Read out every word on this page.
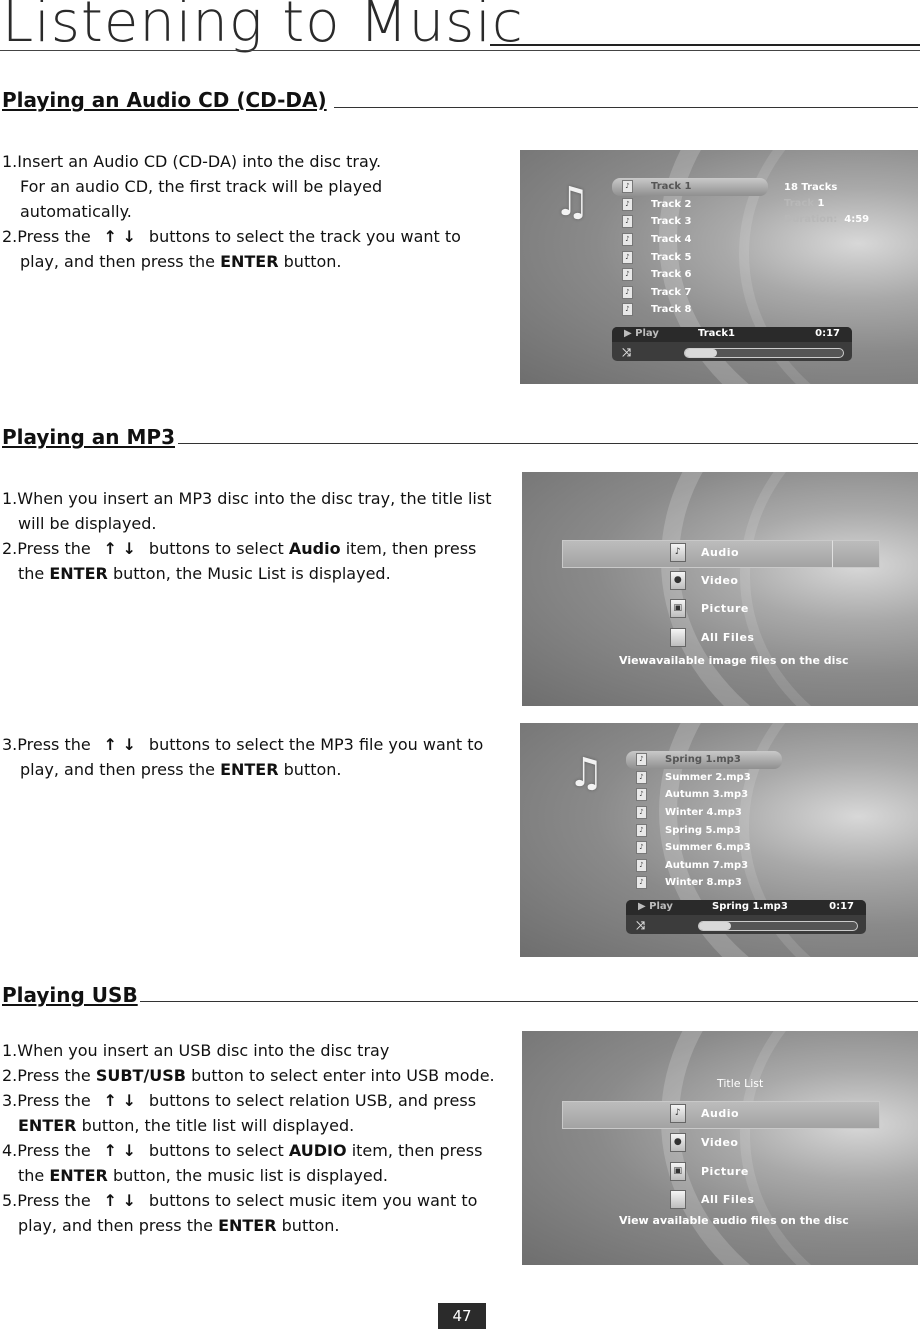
Listening to Music
Playing an Audio CD (CD-DA)
1.Insert an Audio CD (CD-DA) into the disc tray.
For an audio CD, the first track will be played
automatically.
2.Press the ↑ ↓ buttons to select the track you want to
play, and then press the ENTER button.
♫	♪	Track 1
♪	Track 2
♪	Track 3
♪	Track 4
♪	Track 5
♪	Track 6
♪	Track 7
♪	Track 8
18 Tracks
Track 1
Duration: 4:59
▶ Play	Track1	0:17
⤨
Playing an MP3
1.When you insert an MP3 disc into the disc tray, the title list
will be displayed.
2.Press the ↑ ↓ buttons to select Audio item, then press
the ENTER button, the Music List is displayed.
♪	Audio
●	Video
▣	Picture
All Files
Viewavailable image files on the disc
3.Press the ↑ ↓ buttons to select the MP3 file you want to
play, and then press the ENTER button.	♫	♪	Spring 1.mp3
♪	Summer 2.mp3
♪	Autumn 3.mp3
♪	Winter 4.mp3
♪	Spring 5.mp3
♪	Summer 6.mp3
♪	Autumn 7.mp3
♪	Winter 8.mp3
▶ Play	Spring 1.mp3	0:17
⤨
Playing USB
1.When you insert an USB disc into the disc tray
2.Press the SUBT/USB button to select enter into USB mode.
3.Press the ↑ ↓ buttons to select relation USB, and press
ENTER button, the title list will displayed.
4.Press the ↑ ↓ buttons to select AUDIO item, then press
the ENTER button, the music list is displayed.
5.Press the ↑ ↓ buttons to select music item you want to
play, and then press the ENTER button.
Title List
♪	Audio
●	Video
▣	Picture
All Files
View available audio files on the disc
47
